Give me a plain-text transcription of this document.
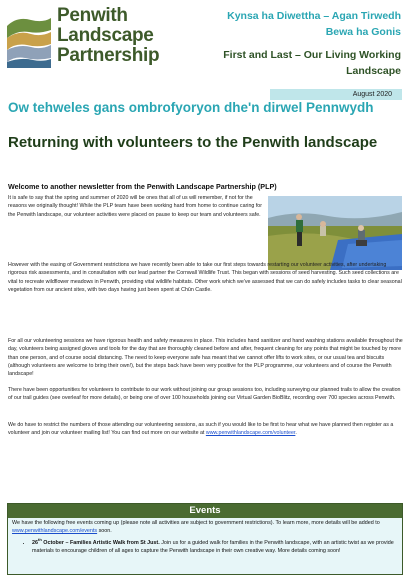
Penwith
Landscape
Partnership
Kynsa ha Diwettha – Agan Tirwedh
Bewa ha Gonis
First and Last – Our Living Working
Landscape
August 2020
Ow tehweles gans ombrofyoryon dhe'n dirwel Pennwydh
Returning with volunteers to the Penwith landscape
Welcome to another newsletter from the Penwith Landscape Partnership (PLP)
It is safe to say that the spring and summer of 2020 will be ones that all of us will remember, if not for the reasons we originally thought! While the PLP team have been working hard from home to continue caring for the Penwith landscape, our volunteer activities were placed on pause to keep our team and volunteers safe.
However with the easing of Government restrictions we have recently been able to take our first steps towards restarting our volunteer activities, after undertaking rigorous risk assessments, and in consultation with our lead partner the Cornwall Wildlife Trust. This began with sessions of seed harvesting. Such seed collections are vital to recreate wildflower meadows in Penwith, providing vital wildlife habitats. Other work which we've assessed that we can do safely includes tasks to clear seasonal vegetation from our ancient sites, with two days having just been spent at Chûn Castle.
For all our volunteering sessions we have rigorous health and safety measures in place. This includes hand sanitizer and hand washing stations available throughout the day, volunteers being assigned gloves and tools for the day that are thoroughly cleaned before and after, frequent cleaning for any points that might be touched by more than one person, and of course social distancing. The need to keep everyone safe has meant that we cannot offer lifts to work sites, or our usual tea and biscuits (although volunteers are welcome to bring their own!), but the steps back have been very positive for the PLP programme, our volunteers and of course the Penwith landscape!
There have been opportunities for volunteers to contribute to our work without joining our group sessions too, including surveying our planned trails to allow the creation of our trail guides (see overleaf for more details), or being one of over 100 households joining our Virtual Garden BioBlitz, recording over 700 species across Penwith.
We do have to restrict the numbers of those attending our volunteering sessions, as such if you would like to be first to hear what we have planned then register as a volunteer and join our volunteer mailing list! You can find out more on our website at www.penwithlandscape.com/volunteer.
Events
We have the following free events coming up (please note all activities are subject to government restrictions). To learn more, more details will be added to www.penwithlandscape.com/events soon.
• 26th October – Families Artistic Walk from St Just. Join us for a guided walk for families in the Penwith landscape, with an artistic twist as we provide materials to encourage children of all ages to capture the Penwith landscape in their own creative way. More details coming soon!
